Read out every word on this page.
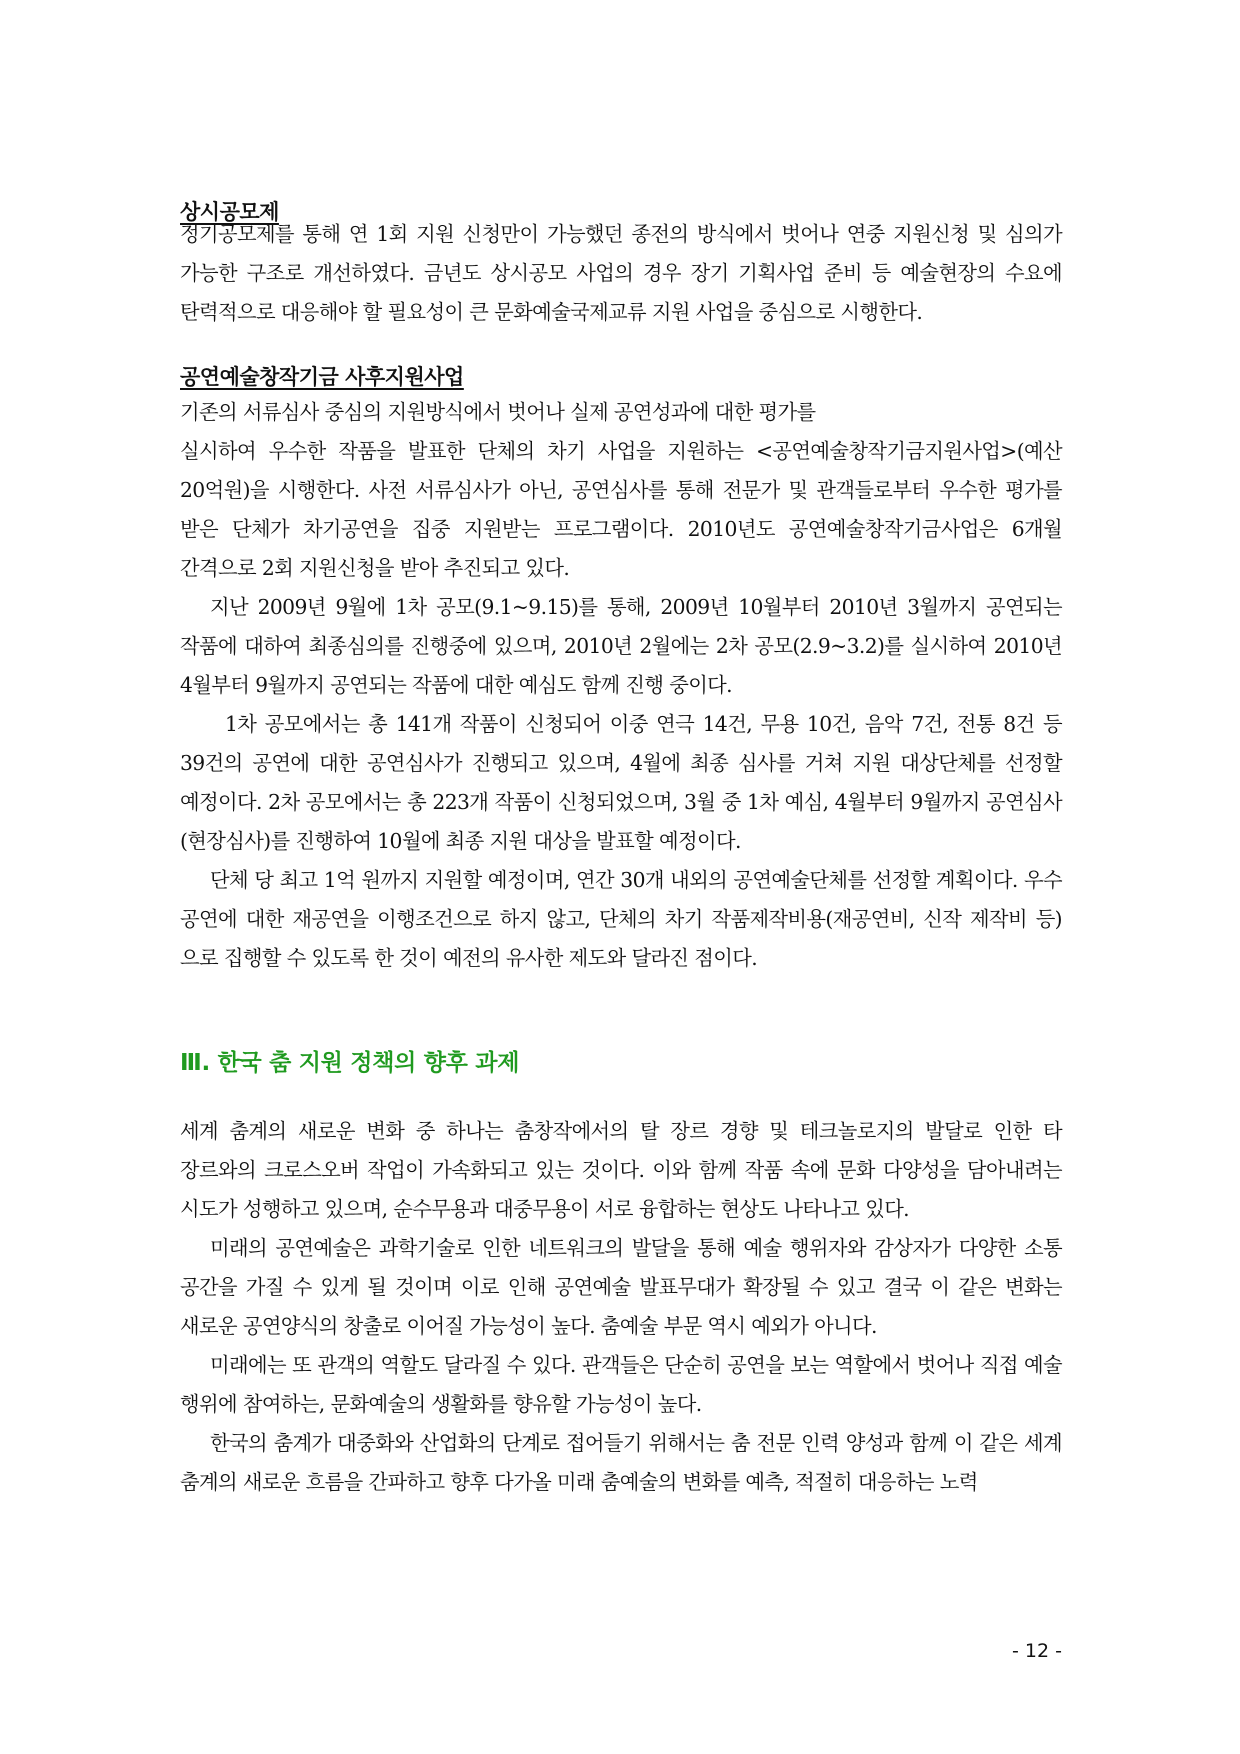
상시공모제

정기공모제를 통해 연 1회 지원 신청만이 가능했던 종전의 방식에서 벗어나 연중 지원신청 및 심의가 가능한 구조로 개선하였다. 금년도 상시공모 사업의 경우 장기 기획사업 준비 등 예술현장의 수요에 탄력적으로 대응해야 할 필요성이 큰 문화예술국제교류 지원 사업을 중심으로 시행한다.

공연예술창작기금 사후지원사업

기존의 서류심사 중심의 지원방식에서 벗어나 실제 공연성과에 대한 평가를

실시하여 우수한 작품을 발표한 단체의 차기 사업을 지원하는 <공연예술창작기금지원사업>(예산 20억원)을 시행한다. 사전 서류심사가 아닌, 공연심사를 통해 전문가 및 관객들로부터 우수한 평가를 받은 단체가 차기공연을 집중 지원받는 프로그램이다. 2010년도 공연예술창작기금사업은 6개월 간격으로 2회 지원신청을 받아 추진되고 있다.

지난 2009년 9월에 1차 공모(9.1~9.15)를 통해, 2009년 10월부터 2010년 3월까지 공연되는 작품에 대하여 최종심의를 진행중에 있으며, 2010년 2월에는 2차 공모(2.9~3.2)를 실시하여 2010년 4월부터 9월까지 공연되는 작품에 대한 예심도 함께 진행 중이다.

1차 공모에서는 총 141개 작품이 신청되어 이중 연극 14건, 무용 10건, 음악 7건, 전통 8건 등 39건의 공연에 대한 공연심사가 진행되고 있으며, 4월에 최종 심사를 거쳐 지원 대상단체를 선정할 예정이다. 2차 공모에서는 총 223개 작품이 신청되었으며, 3월 중 1차 예심, 4월부터 9월까지 공연심사(현장심사)를 진행하여 10월에 최종 지원 대상을 발표할 예정이다.

단체 당 최고 1억 원까지 지원할 예정이며, 연간 30개 내외의 공연예술단체를 선정할 계획이다. 우수 공연에 대한 재공연을 이행조건으로 하지 않고, 단체의 차기 작품제작비용(재공연비, 신작 제작비 등)으로 집행할 수 있도록 한 것이 예전의 유사한 제도와 달라진 점이다.

Ⅲ. 한국 춤 지원 정책의 향후 과제

세계 춤계의 새로운 변화 중 하나는 춤창작에서의 탈 장르 경향 및 테크놀로지의 발달로 인한 타 장르와의 크로스오버 작업이 가속화되고 있는 것이다. 이와 함께 작품 속에 문화 다양성을 담아내려는 시도가 성행하고 있으며, 순수무용과 대중무용이 서로 융합하는 현상도 나타나고 있다.

미래의 공연예술은 과학기술로 인한 네트워크의 발달을 통해 예술 행위자와 감상자가 다양한 소통 공간을 가질 수 있게 될 것이며 이로 인해 공연예술 발표무대가 확장될 수 있고 결국 이 같은 변화는 새로운 공연양식의 창출로 이어질 가능성이 높다. 춤예술 부문 역시 예외가 아니다.

미래에는 또 관객의 역할도 달라질 수 있다. 관객들은 단순히 공연을 보는 역할에서 벗어나 직접 예술 행위에 참여하는, 문화예술의 생활화를 향유할 가능성이 높다.

한국의 춤계가 대중화와 산업화의 단계로 접어들기 위해서는 춤 전문 인력 양성과 함께 이 같은 세계 춤계의 새로운 흐름을 간파하고 향후 다가올 미래 춤예술의 변화를 예측, 적절히 대응하는 노력

- 12 -
